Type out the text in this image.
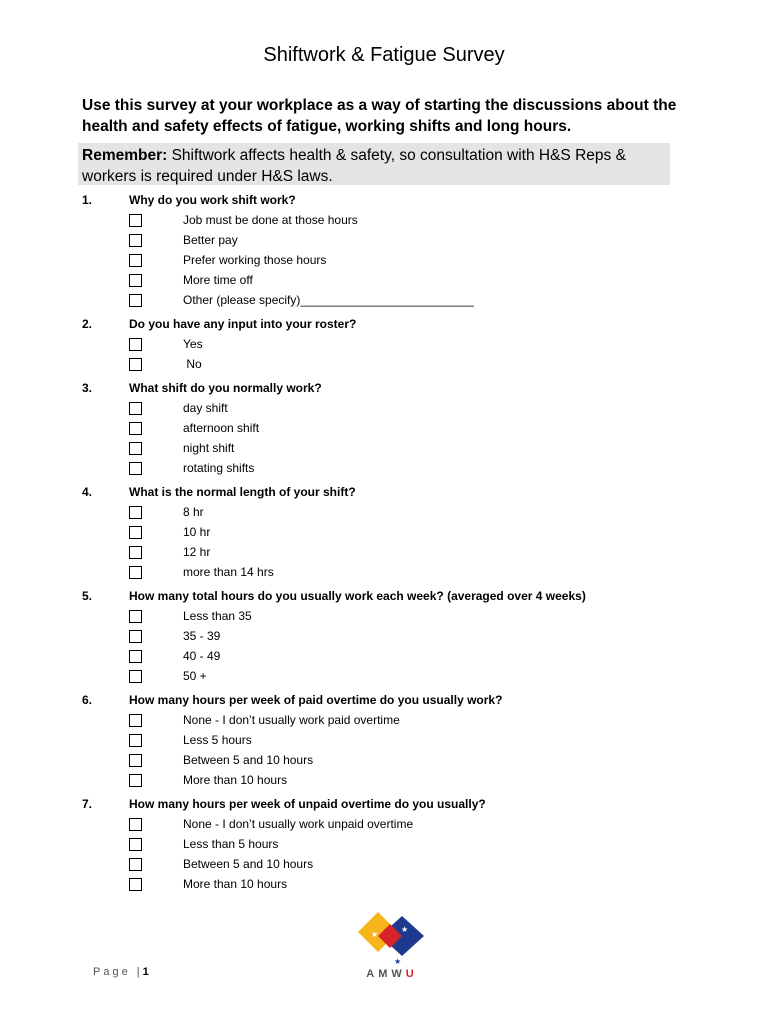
Shiftwork & Fatigue Survey
Use this survey at your workplace as a way of starting the discussions about the health and safety effects of fatigue, working shifts and long hours.
Remember: Shiftwork affects health & safety, so consultation with H&S Reps & workers is required under H&S laws.
1.	Why do you work shift work?
Job must be done at those hours
Better pay
Prefer working those hours
More time off
Other (please specify)__________________________
2.	Do you have any input into your roster?
Yes
No
3.	What shift do you normally work?
day shift
afternoon shift
night shift
rotating shifts
4.	What is the normal length of your shift?
8 hr
10 hr
12 hr
more than 14 hrs
5.	How many total hours do you usually work each week? (averaged over 4 weeks)
Less than 35
35 - 39
40 - 49
50 +
6.	How many hours per week of paid overtime do you usually work?
None - I don’t usually work paid overtime
Less 5 hours
Between 5 and 10 hours
More than 10 hours
7.	How many hours per week of unpaid overtime do you usually?
None - I don’t usually work unpaid overtime
Less than 5 hours
Between 5 and 10 hours
More than 10 hours
Page |1
★
★
★
AMWU
